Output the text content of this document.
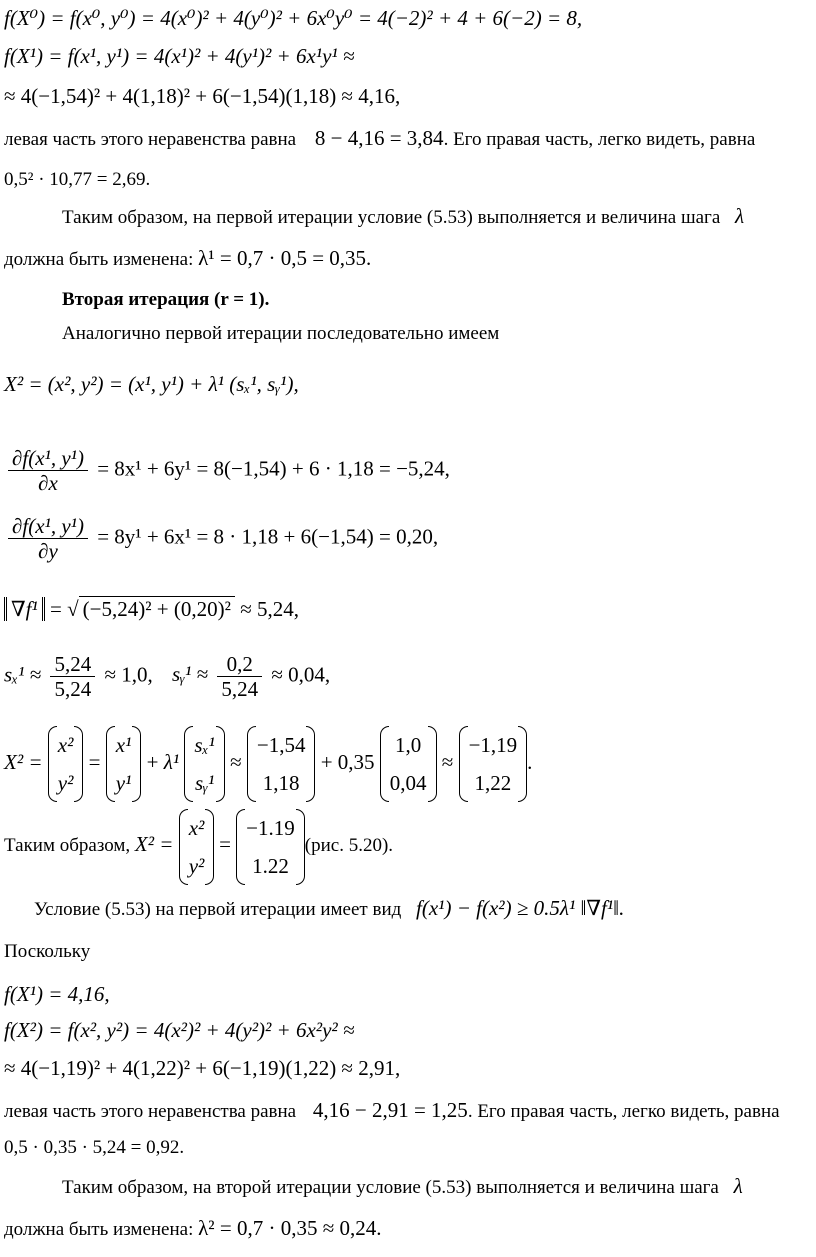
f(X⁰) = f(x⁰, y⁰) = 4(x⁰)² + 4(y⁰)² + 6x⁰y⁰ = 4(−2)² + 4 + 6(−2) = 8,
f(X¹) = f(x¹, y¹) = 4(x¹)² + 4(y¹)² + 6x¹y¹ ≈
≈ 4(−1,54)² + 4(1,18)² + 6(−1,54)(1,18) ≈ 4,16,
левая часть этого неравенства равна 8 − 4,16 = 3,84. Его правая часть, легко видеть, равна
0,5² · 10,77 = 2,69.
Таким образом, на первой итерации условие (5.53) выполняется и величина шага λ
должна быть изменена: λ¹ = 0,7 · 0,5 = 0,35.
Вторая итерация (r = 1).
Аналогично первой итерации последовательно имеем
X² = (x², y²) = (x¹, y¹) + λ¹ (sₓ¹, sᵧ¹),
$\frac{\text{∂f(x¹, y¹)}}{\partial x} = 8x^1 + 6y^1 = 8(-1,54) + 6 \cdot 1,18 = -5,24$,
$\frac{\text{∂f(x¹, y¹)}}{\partial y} = 8y^1 + 6x^1 = 8 \cdot 1,18 + 6(-1,54) = 0,20$,
∇f¹ = √ (−5,24)² + (0,20)² ≈ 5,24,
$s_x^1 \approx \frac{5,24}{5,24} \approx 1,0$, sᵧ¹ ≈ $\frac{0,2}{5,24} \approx 0,04$,
X² =
x²
y²
=
x¹
y¹
+ λ¹
sₓ¹
sᵧ¹
≈
−1,54
1,18
+ 0,35
1,0
0,04
≈
−1,19
1,22
.
Таким образом, X² =
x²
y²
=
−1.19
1.22
(рис. 5.20).
Условие (5.53) на первой итерации имеет вид f(x¹) − f(x²) ≥ 0.5λ¹ ‖∇f¹‖.
Поскольку
f(X¹) = 4,16,
f(X²) = f(x², y²) = 4(x²)² + 4(y²)² + 6x²y² ≈
≈ 4(−1,19)² + 4(1,22)² + 6(−1,19)(1,22) ≈ 2,91,
левая часть этого неравенства равна 4,16 − 2,91 = 1,25. Его правая часть, легко видеть, равна
0,5 · 0,35 · 5,24 = 0,92.
Таким образом, на второй итерации условие (5.53) выполняется и величина шага λ
должна быть изменена: λ² = 0,7 · 0,35 ≈ 0,24.
